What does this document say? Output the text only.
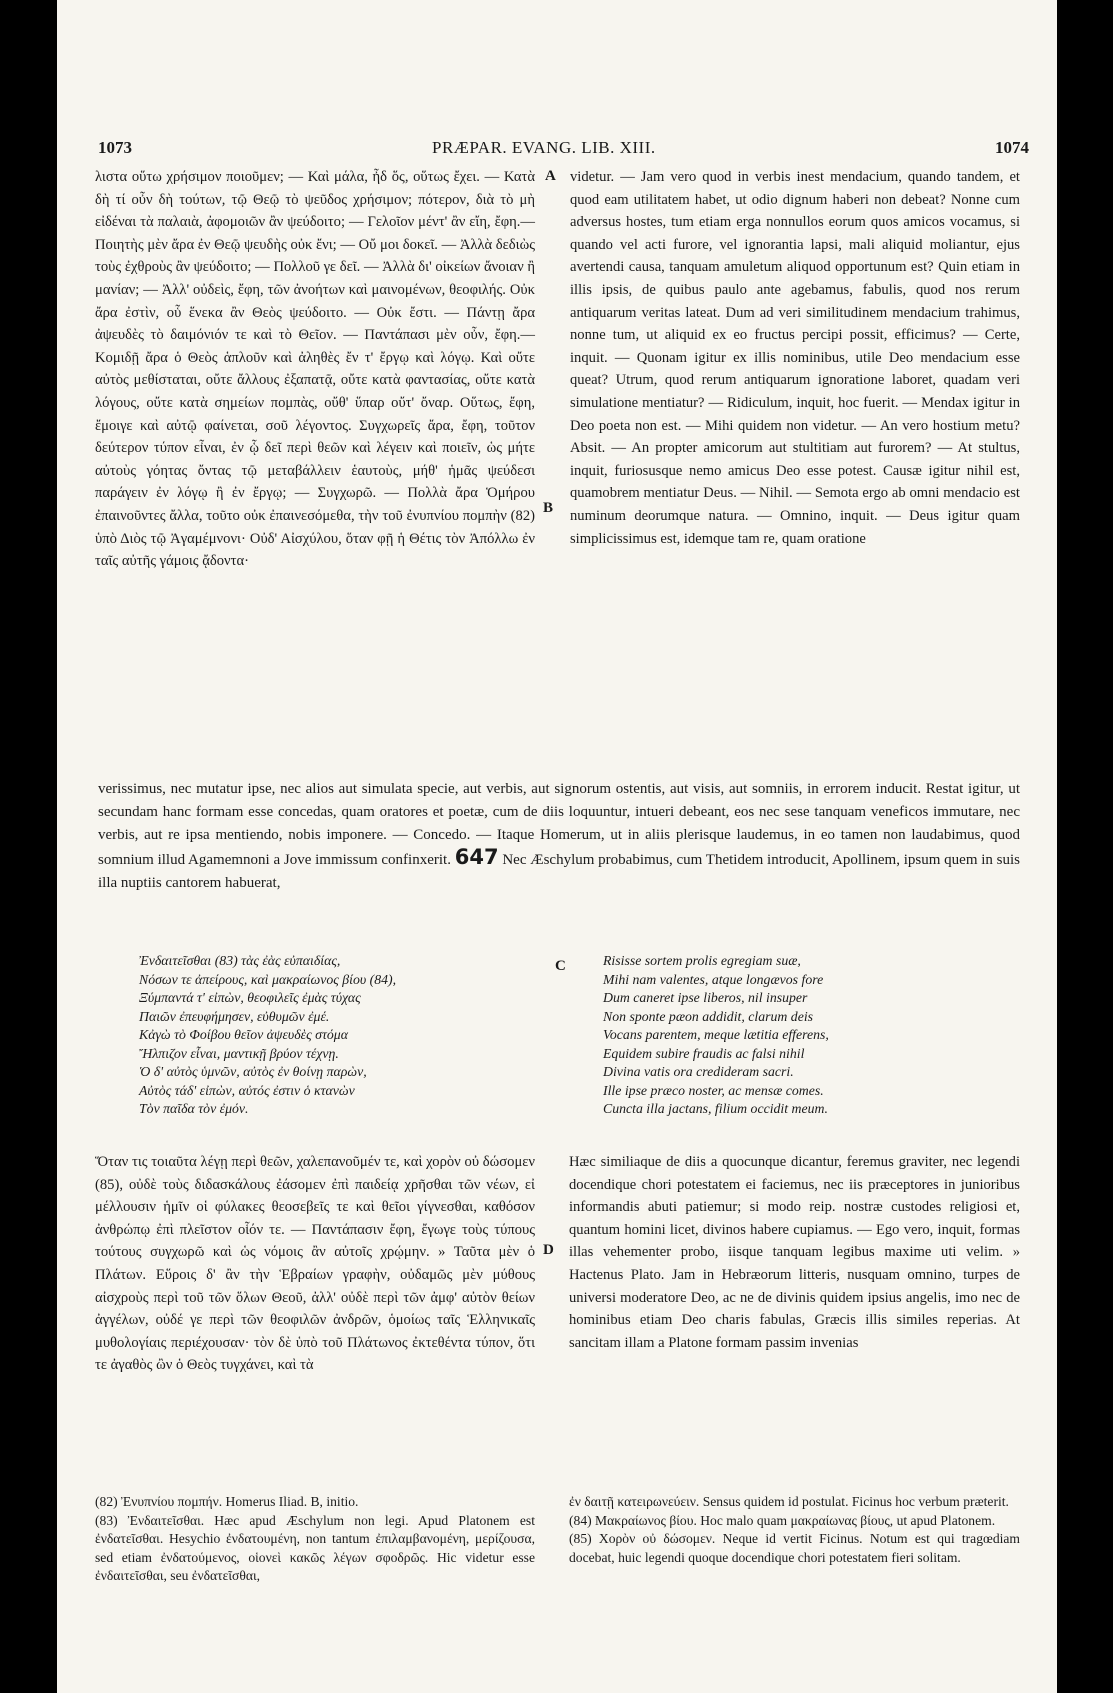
1073	PRÆPAR. EVANG. LIB. XIII.	1074

λιστα οὕτω χρήσιμον ποιοῦμεν; — Καὶ μάλα, ἦδ ὅς, οὕτως ἔχει. — Κατὰ δὴ τί οὖν δὴ τούτων, τῷ Θεῷ τὸ ψεῦδος χρήσιμον; πότερον, διὰ τὸ μὴ εἰδέναι τὰ παλαιὰ, ἀφομοιῶν ἂν ψεύδοιτο; — Γελοῖον μέντ' ἂν εἴη, ἔφη.— Ποιητὴς μὲν ἄρα ἐν Θεῷ ψευδὴς οὐκ ἔνι; — Οὔ μοι δοκεῖ. — Ἀλλὰ δεδιὼς τοὺς ἐχθροὺς ἂν ψεύδοιτο; — Πολλοῦ γε δεῖ. — Ἀλλὰ δι' οἰκείων ἄνοιαν ἢ μανίαν; — Ἀλλ' οὐδεὶς, ἔφη, τῶν ἀνοήτων καὶ μαινομένων, θεοφιλής. Οὐκ ἄρα ἐστὶν, οὗ ἕνεκα ἂν Θεὸς ψεύδοιτο. — Οὐκ ἔστι. — Πάντῃ ἄρα ἀψευδὲς τὸ δαιμόνιόν τε καὶ τὸ Θεῖον. — Παντάπασι μὲν οὖν, ἔφη.—Κομιδῇ ἄρα ὁ Θεὸς ἁπλοῦν καὶ ἀληθὲς ἔν τ' ἔργῳ καὶ λόγῳ. Καὶ οὔτε αὐτὸς μεθίσταται, οὔτε ἄλλους ἐξαπατᾷ, οὔτε κατὰ φαντασίας, οὔτε κατὰ λόγους, οὔτε κατὰ σημείων πομπὰς, οὔθ' ὕπαρ οὔτ' ὄναρ. Οὕτως, ἔφη, ἔμοιγε καὶ αὐτῷ φαίνεται, σοῦ λέγοντος. Συγχωρεῖς ἄρα, ἔφη, τοῦτον δεύτερον τύπον εἶναι, ἐν ᾧ δεῖ περὶ θεῶν καὶ λέγειν καὶ ποιεῖν, ὡς μήτε αὐτοὺς γόητας ὄντας τῷ μεταβάλλειν ἑαυτοὺς, μήθ' ἡμᾶς ψεύδεσι παράγειν ἐν λόγῳ ἢ ἐν ἔργῳ; — Συγχωρῶ. — Πολλὰ ἄρα Ὁμήρου ἐπαινοῦντες ἄλλα, τοῦτο οὐκ ἐπαινεσόμεθα, τὴν τοῦ ἐνυπνίου πομπὴν (82) ὑπὸ Διὸς τῷ Ἀγαμέμνονι· Οὐδ' Αἰσχύλου, ὅταν φῇ ἡ Θέτις τὸν Ἀπόλλω ἐν ταῖς αὐτῆς γάμοις ᾄδοντα·

A
B

videtur. — Jam vero quod in verbis inest mendacium, quando tandem, et quod eam utilitatem habet, ut odio dignum haberi non debeat? Nonne cum adversus hostes, tum etiam erga nonnullos eorum quos amicos vocamus, si quando vel acti furore, vel ignorantia lapsi, mali aliquid moliantur, ejus avertendi causa, tanquam amuletum aliquod opportunum est? Quin etiam in illis ipsis, de quibus paulo ante agebamus, fabulis, quod nos rerum antiquarum veritas lateat. Dum ad veri similitudinem mendacium trahimus, nonne tum, ut aliquid ex eo fructus percipi possit, efficimus? — Certe, inquit. — Quonam igitur ex illis nominibus, utile Deo mendacium esse queat? Utrum, quod rerum antiquarum ignoratione laboret, quadam veri simulatione mentiatur? — Ridiculum, inquit, hoc fuerit. — Mendax igitur in Deo poeta non est. — Mihi quidem non videtur. — An vero hostium metu? Absit. — An propter amicorum aut stultitiam aut furorem? — At stultus, inquit, furiosusque nemo amicus Deo esse potest. Causæ igitur nihil est, quamobrem mentiatur Deus. — Nihil. — Semota ergo ab omni mendacio est numinum deorumque natura. — Omnino, inquit. — Deus igitur quam simplicissimus est, idemque tam re, quam oratione

verissimus, nec mutatur ipse, nec alios aut simulata specie, aut verbis, aut signorum ostentis, aut visis, aut somniis, in errorem inducit. Restat igitur, ut secundam hanc formam esse concedas, quam oratores et poetæ, cum de diis loquuntur, intueri debeant, eos nec sese tanquam veneficos immutare, nec verbis, aut re ipsa mentiendo, nobis imponere. — Concedo. — Itaque Homerum, ut in aliis plerisque laudemus, in eo tamen non laudabimus, quod somnium illud Agamemnoni a Jove immissum confinxerit. 647 Nec Æschylum probabimus, cum Thetidem introducit, Apollinem, ipsum quem in suis illa nuptiis cantorem habuerat,
C
Ἐνδαιτεῖσθαι (83) τὰς ἐὰς εὐπαιδίας,
Νόσων τε ἀπείρους, καὶ μακραίωνος βίου (84),
Ξύμπαντά τ' εἰπὼν, θεοφιλεῖς ἐμὰς τύχας
Παιῶν ἐπευφήμησεν, εὐθυμῶν ἐμέ.
Κἀγὼ τὸ Φοίβου θεῖον ἀψευδὲς στόμα
Ἤλπιζον εἶναι, μαντικῇ βρύον τέχνῃ.
Ὁ δ' αὐτὸς ὑμνῶν, αὐτὸς ἐν θοίνῃ παρὼν,
Αὐτὸς τάδ' εἰπὼν, αὐτός ἐστιν ὁ κτανὼν
Τὸν παῖδα τὸν ἐμόν.
Risisse sortem prolis egregiam suæ,
Mihi nam valentes, atque longævos fore
Dum caneret ipse liberos, nil insuper
Non sponte pæon addidit, clarum deis
Vocans parentem, meque lætitia efferens,
Equidem subire fraudis ac falsi nihil
Divina vatis ora credideram sacri.
Ille ipse præco noster, ac mensæ comes.
Cuncta illa jactans, filium occidit meum.

Ὅταν τις τοιαῦτα λέγῃ περὶ θεῶν, χαλεπανοῦμέν τε, καὶ χορὸν οὐ δώσομεν (85), οὐδὲ τοὺς διδασκάλους ἐάσομεν ἐπὶ παιδείᾳ χρῆσθαι τῶν νέων, εἰ μέλλουσιν ἡμῖν οἱ φύλακες θεοσεβεῖς τε καὶ θεῖοι γίγνεσθαι, καθόσον ἀνθρώπῳ ἐπὶ πλεῖστον οἷόν τε. — Παντάπασιν ἔφη, ἔγωγε τοὺς τύπους τούτους συγχωρῶ καὶ ὡς νόμοις ἂν αὐτοῖς χρῴμην. » Ταῦτα μὲν ὁ Πλάτων. Εὕροις δ' ἂν τὴν Ἑβραίων γραφὴν, οὐδαμῶς μὲν μύθους αἰσχροὺς περὶ τοῦ τῶν ὅλων Θεοῦ, ἀλλ' οὐδὲ περὶ τῶν ἀμφ' αὐτὸν θείων ἀγγέλων, οὐδέ γε περὶ τῶν θεοφιλῶν ἀνδρῶν, ὁμοίως ταῖς Ἑλληνικαῖς μυθολογίαις περιέχουσαν· τὸν δὲ ὑπὸ τοῦ Πλάτωνος ἐκτεθέντα τύπον, ὅτι τε ἀγαθὸς ὢν ὁ Θεὸς τυγχάνει, καὶ τὰ

D

Hæc similiaque de diis a quocunque dicantur, feremus graviter, nec legendi docendique chori potestatem ei faciemus, nec iis præceptores in junioribus informandis abuti patiemur; si modo reip. nostræ custodes religiosi et, quantum homini licet, divinos habere cupiamus. — Ego vero, inquit, formas illas vehementer probo, iisque tanquam legibus maxime uti velim. » Hactenus Plato. Jam in Hebræorum litteris, nusquam omnino, turpes de universi moderatore Deo, ac ne de divinis quidem ipsius angelis, imo nec de hominibus etiam Deo charis fabulas, Græcis illis similes reperias. At sancitam illam a Platone formam passim invenias

(82) Ἐνυπνίου πομπήν. Homerus Iliad. B, initio.

(83) Ἐνδαιτεῖσθαι. Hæc apud Æschylum non legi. Apud Platonem est ἐνδατεῖσθαι. Hesychio ἐνδατουμένη, non tantum ἐπιλαμβανομένη, μερίζουσα, sed etiam ἐνδατούμενος, οἱονεὶ κακῶς λέγων σφοδρῶς. Hic videtur esse ἐνδαιτεῖσθαι, seu ἐνδατεῖσθαι,

ἐν δαιτῇ κατειρωνεύειν. Sensus quidem id postulat. Ficinus hoc verbum præterit.

(84) Μακραίωνος βίου. Hoc malo quam μακραίωνας βίους, ut apud Platonem.

(85) Χορὸν οὐ δώσομεν. Neque id vertit Ficinus. Notum est qui tragœdiam docebat, huic legendi quoque docendique chori potestatem fieri solitam.
